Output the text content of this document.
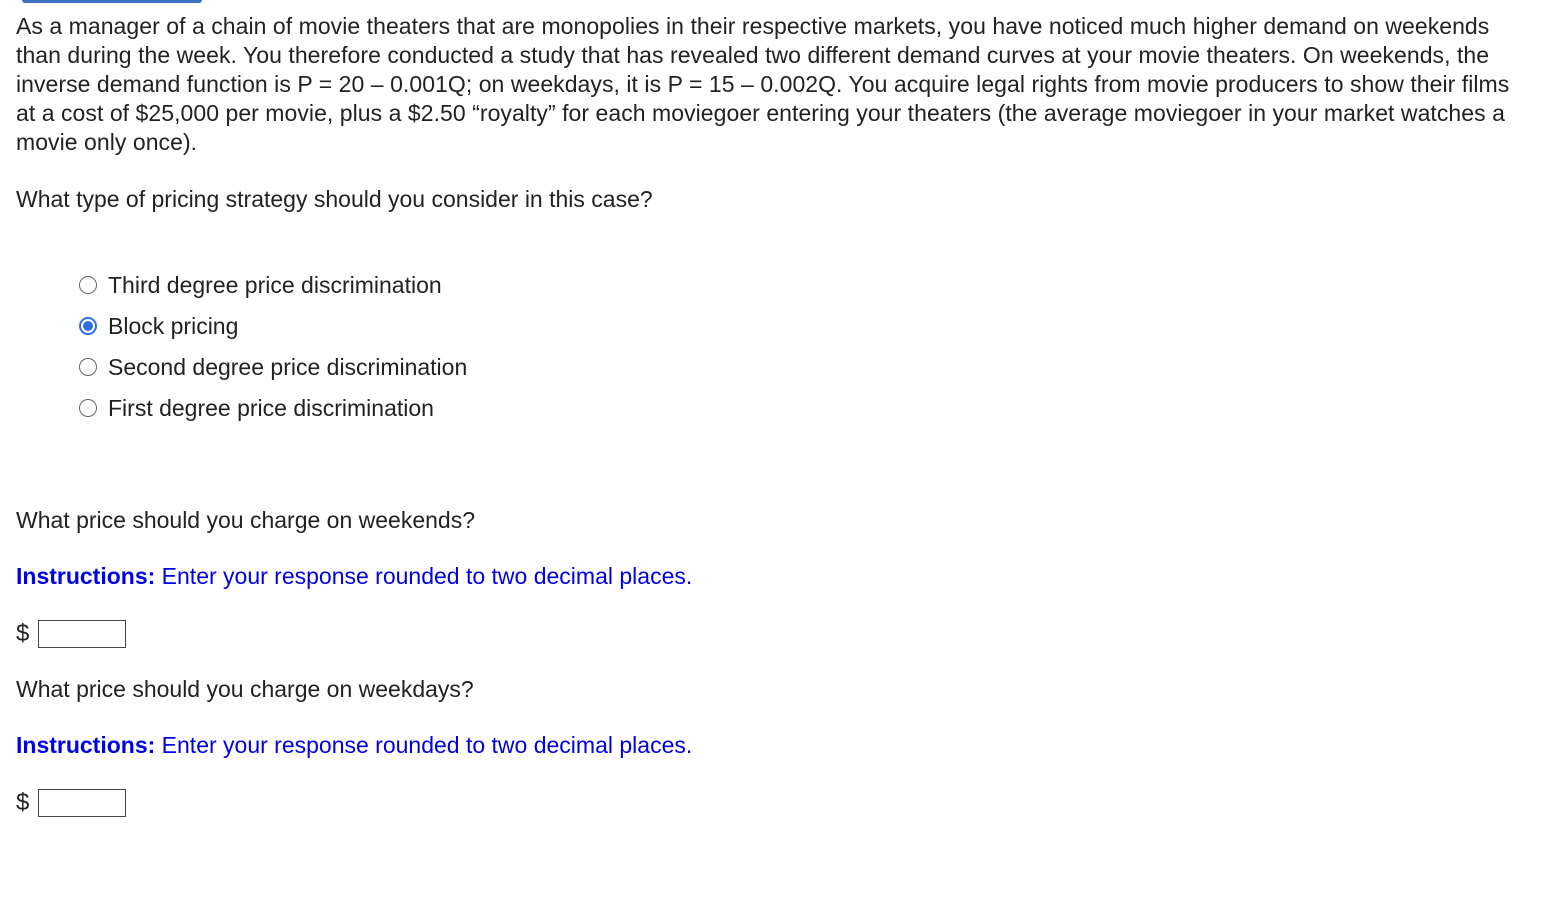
As a manager of a chain of movie theaters that are monopolies in their respective markets, you have noticed much higher demand on weekends than during the week. You therefore conducted a study that has revealed two different demand curves at your movie theaters. On weekends, the inverse demand function is P = 20 – 0.001Q; on weekdays, it is P = 15 – 0.002Q. You acquire legal rights from movie producers to show their films at a cost of $25,000 per movie, plus a $2.50 “royalty” for each moviegoer entering your theaters (the average moviegoer in your market watches a movie only once).

What type of pricing strategy should you consider in this case?

Third degree price discrimination
Block pricing
Second degree price discrimination
First degree price discrimination

What price should you charge on weekends?

Instructions: Enter your response rounded to two decimal places.

$

What price should you charge on weekdays?

Instructions: Enter your response rounded to two decimal places.

$
